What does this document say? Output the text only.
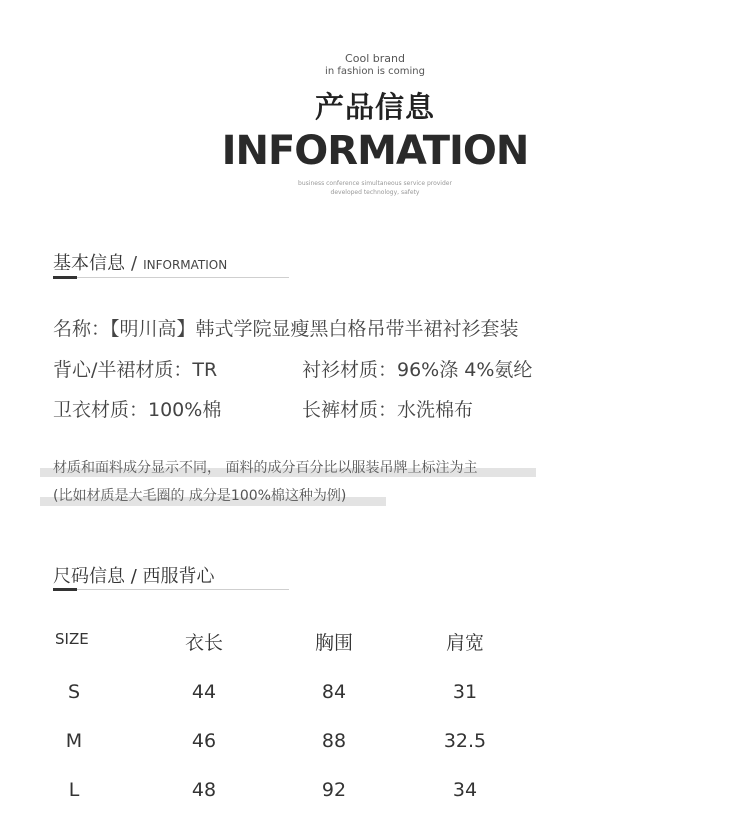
Cool brand
in fashion is coming
产品信息
INFORMATION
business conference simultaneous service provider
developed technology, safety
基本信息 / INFORMATION
名称：【明川高】韩式学院显瘦黑白格吊带半裙衬衫套装
背心/半裙材质：TR	衬衫材质：96%涤 4%氨纶
卫衣材质：100%棉	长裤材质：水洗棉布
材质和面料成分显示不同， 面料的成分百分比以服装吊牌上标注为主
(比如材质是大毛圈的 成分是100%棉这种为例)
尺码信息 / 西服背心
SIZE	衣长	胸围	肩宽
S	44	84	31
M	46	88	32.5
L	48	92	34
